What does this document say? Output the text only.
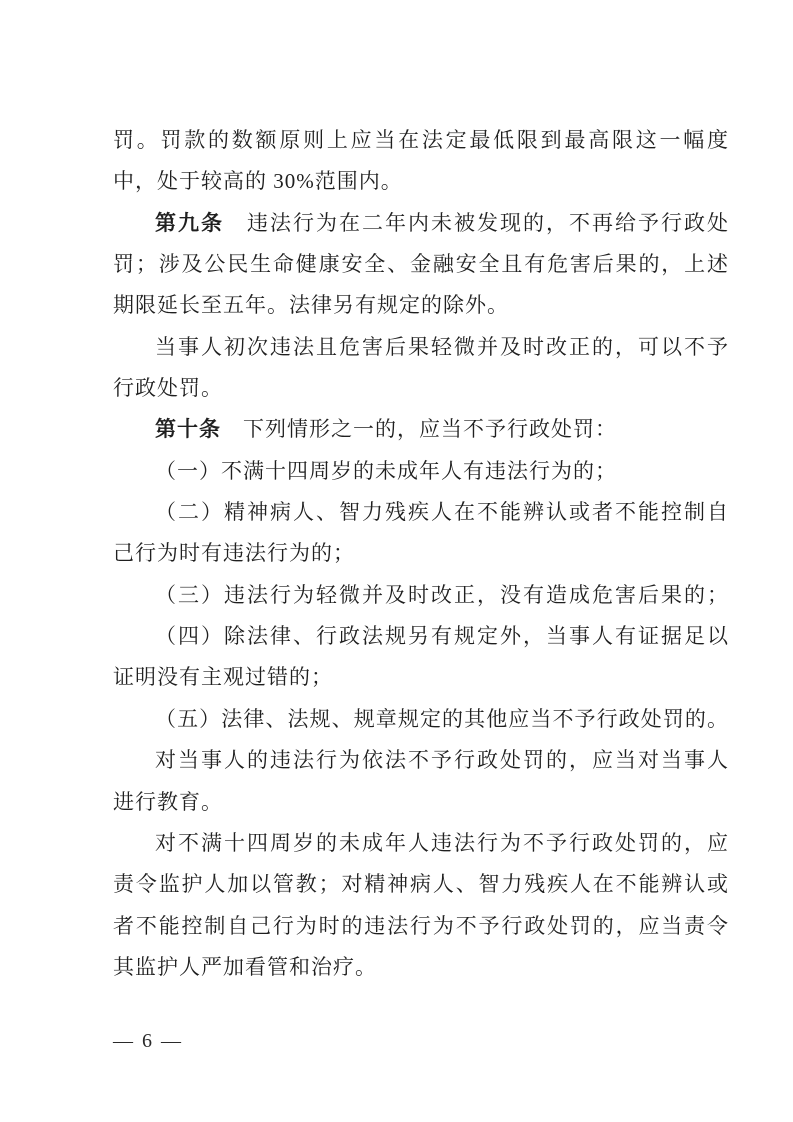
罚。罚款的数额原则上应当在法定最低限到最高限这一幅度
中，处于较高的 30%范围内。
第九条　违法行为在二年内未被发现的，不再给予行政处
罚；涉及公民生命健康安全、金融安全且有危害后果的，上述
期限延长至五年。法律另有规定的除外。
当事人初次违法且危害后果轻微并及时改正的，可以不予
行政处罚。
第十条　下列情形之一的，应当不予行政处罚：
（一）不满十四周岁的未成年人有违法行为的；
（二）精神病人、智力残疾人在不能辨认或者不能控制自
己行为时有违法行为的；
（三）违法行为轻微并及时改正，没有造成危害后果的；
（四）除法律、行政法规另有规定外，当事人有证据足以
证明没有主观过错的；
（五）法律、法规、规章规定的其他应当不予行政处罚的。
对当事人的违法行为依法不予行政处罚的，应当对当事人
进行教育。
对不满十四周岁的未成年人违法行为不予行政处罚的，应
责令监护人加以管教；对精神病人、智力残疾人在不能辨认或
者不能控制自己行为时的违法行为不予行政处罚的，应当责令
其监护人严加看管和治疗。
— 6 —
